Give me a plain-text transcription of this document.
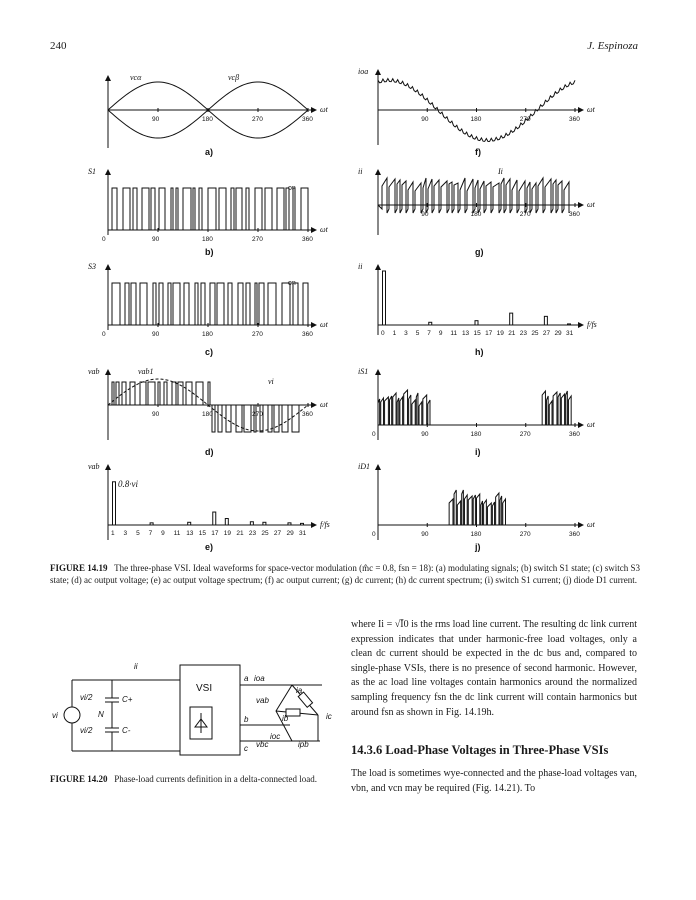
240	J. Espinoza
a)
ωt
90	180	270	360
b)
S1
ωt
0	90	180	270	360
c)
S3
ωt
0	90	180	270	360
d)
vab
ωt
90	180	270	360
e)
vab
f/fs
1 3 5 7 9 11 13 15 17 19 21 23 25 27 29 31
0.8·vi
f)
ioa
ωt
90	180	270	360
g)
ii
ωt
90	180	270	360
h)
ii
f/fs
0 1 3 5 7 9 11 13 15 17 19 21 23 25 27 29 31
i)
iS1
ωt
0	90	180	270	360
j)
iD1
ωt
0	90	180	270	360
vcα	vcβ
on
on
vab1
vi
Ii
FIGURE 14.19 The three-phase VSI. Ideal waveforms for space-vector modulation (m̂c = 0.8, fsn = 18): (a) modulating signals; (b) switch S1 state; (c) switch S3 state; (d) ac output voltage; (e) ac output voltage spectrum; (f) ac output current; (g) dc current; (h) dc current spectrum; (i) switch S1 current; (j) diode D1 current.
vi
vi/2
vi/2
C+
C-
N
ii
VSI
a
b
c
ioa
vab
vbc
ia
ib	ic
ioc
ipb
FIGURE 14.20 Phase-load currents definition in a delta-connected load.
where Ii = √Ī0 is the rms load line current. The resulting dc link current expression indicates that under harmonic-free load voltages, only a clean dc current should be expected in the dc bus and, compared to single-phase VSIs, there is no presence of second harmonic. However, as the ac load line voltages contain harmonics around the normalized sampling frequency fsn the dc link current will contain harmonics but around fsn as shown in Fig. 14.19h.
14.3.6 Load-Phase Voltages in Three-Phase VSIs
The load is sometimes wye-connected and the phase-load voltages van, vbn, and vcn may be required (Fig. 14.21). To
